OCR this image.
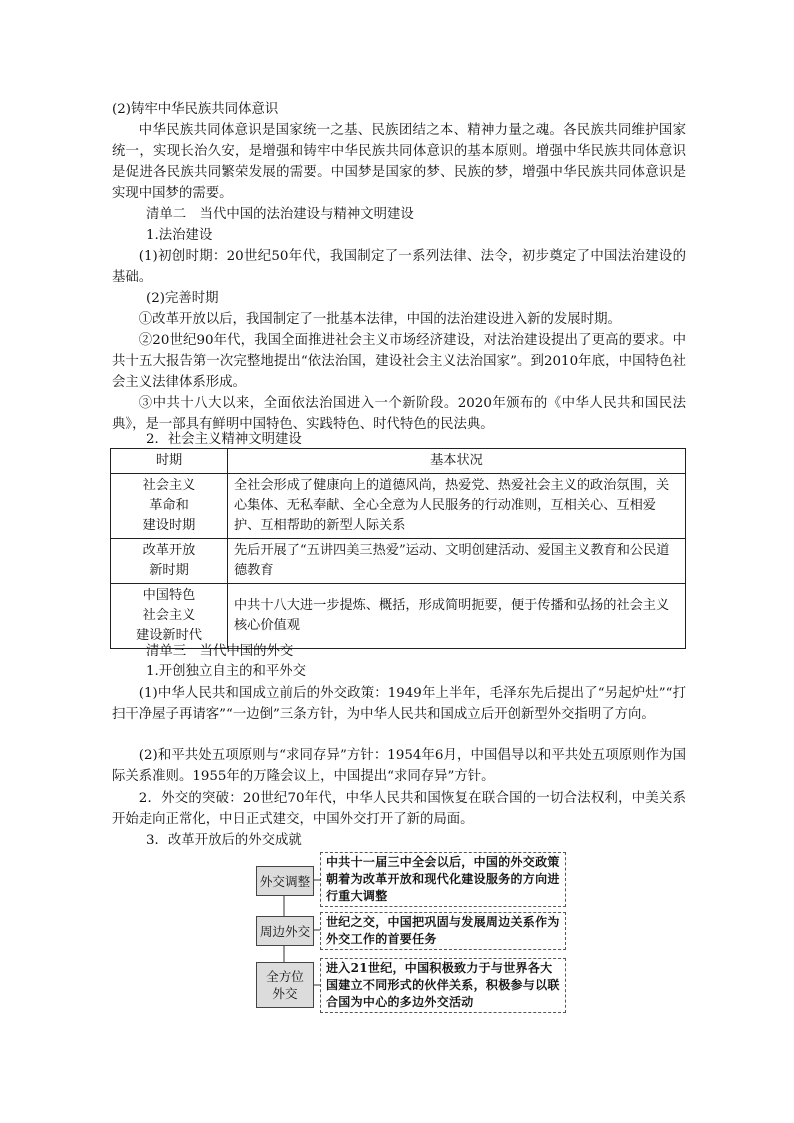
(2)铸牢中华民族共同体意识
中华民族共同体意识是国家统一之基、民族团结之本、精神力量之魂。各民族共同维护国家统一，实现长治久安，是增强和铸牢中华民族共同体意识的基本原则。增强中华民族共同体意识是促进各民族共同繁荣发展的需要。中国梦是国家的梦、民族的梦，增强中华民族共同体意识是实现中国梦的需要。
清单二　当代中国的法治建设与精神文明建设
1.法治建设
(1)初创时期：20世纪50年代，我国制定了一系列法律、法令，初步奠定了中国法治建设的基础。
(2)完善时期
①改革开放以后，我国制定了一批基本法律，中国的法治建设进入新的发展时期。
②20世纪90年代，我国全面推进社会主义市场经济建设，对法治建设提出了更高的要求。中共十五大报告第一次完整地提出“依法治国，建设社会主义法治国家”。到2010年底，中国特色社会主义法律体系形成。
③中共十八大以来，全面依法治国进入一个新阶段。2020年颁布的《中华人民共和国民法典》，是一部具有鲜明中国特色、实践特色、时代特色的民法典。
2．社会主义精神文明建设
时期	基本状况

社会主义
革命和
建设时期	全社会形成了健康向上的道德风尚，热爱党、热爱社会主义的政治氛围，关心集体、无私奉献、全心全意为人民服务的行动准则，互相关心、互相爱护、互相帮助的新型人际关系

改革开放
新时期	先后开展了“五讲四美三热爱”运动、文明创建活动、爱国主义教育和公民道德教育

中国特色
社会主义
建设新时代	中共十八大进一步提炼、概括，形成简明扼要，便于传播和弘扬的社会主义核心价值观
清单三　当代中国的外交
1.开创独立自主的和平外交
(1)中华人民共和国成立前后的外交政策：1949年上半年，毛泽东先后提出了“另起炉灶”“打扫干净屋子再请客”“一边倒”三条方针，为中华人民共和国成立后开创新型外交指明了方向。
(2)和平共处五项原则与“求同存异”方针：1954年6月，中国倡导以和平共处五项原则作为国际关系准则。1955年的万隆会议上，中国提出“求同存异”方针。
2．外交的突破：20世纪70年代，中华人民共和国恢复在联合国的一切合法权利，中美关系开始走向正常化，中日正式建交，中国外交打开了新的局面。
3．改革开放后的外交成就
外交调整
中共十一届三中全会以后，中国的外交政策朝着为改革开放和现代化建设服务的方向进行重大调整
周边外交
世纪之交，中国把巩固与发展周边关系作为外交工作的首要任务
全方位
外交
进入21世纪，中国积极致力于与世界各大国建立不同形式的伙伴关系，积极参与以联合国为中心的多边外交活动
